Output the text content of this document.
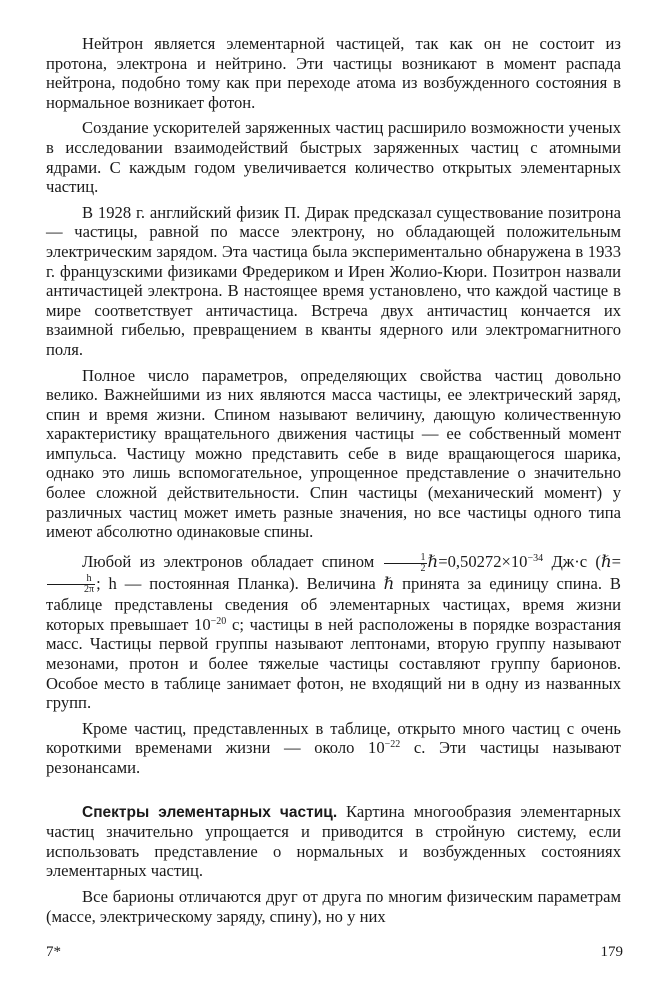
Нейтрон является элементарной частицей, так как он не состоит из протона, электрона и нейтрино. Эти частицы возникают в момент распада нейтрона, подобно тому как при переходе атома из возбужденного состояния в нормальное возникает фотон.

Создание ускорителей заряженных частиц расширило возможности ученых в исследовании взаимодействий быстрых заряженных частиц с атомными ядрами. С каждым годом увеличивается количество открытых элементарных частиц.

В 1928 г. английский физик П. Дирак предсказал существование позитрона — частицы, равной по массе электрону, но обладающей положительным электрическим зарядом. Эта частица была экспериментально обнаружена в 1933 г. французскими физиками Фредериком и Ирен Жолио-Кюри. Позитрон назвали античастицей электрона. В настоящее время установлено, что каждой частице в мире соответствует античастица. Встреча двух античастиц кончается их взаимной гибелью, превращением в кванты ядерного или электромагнитного поля.

Полное число параметров, определяющих свойства частиц довольно велико. Важнейшими из них являются масса частицы, ее электрический заряд, спин и время жизни. Спином называют величину, дающую количественную характеристику вращательного движения частицы — ее собственный момент импульса. Частицу можно представить себе в виде вращающегося шарика, однако это лишь вспомогательное, упрощенное представление о значительно более сложной действительности. Спин частицы (механический момент) у различных частиц может иметь разные значения, но все частицы одного типа имеют абсолютно одинаковые спины.

Любой из электронов обладает спином $\frac{1}{2}$ $\hbar=0,50272\times 10^{-34}$ Дж·с (ℏ=
$\frac{h}{2\pi}$ ; h — постоянная Планка). Величина ℏ принята за единицу спина. В таблице представлены сведения об элементарных частицах, время жизни которых превышает $10^{-20}$ с; частицы в ней расположены в порядке возрастания масс. Частицы первой группы называют лептонами, вторую группу называют мезонами, протон и более тяжелые частицы составляют группу барионов. Особое место в таблице занимает фотон, не входящий ни в одну из названных групп.

Кроме частиц, представленных в таблице, открыто много частиц с очень короткими временами жизни — около $10^{-22}$ с. Эти частицы называют резонансами.

Спектры элементарных частиц. Картина многообразия элементарных частиц значительно упрощается и приводится в стройную систему, если использовать представление о нормальных и возбужденных состояниях элементарных частиц.

Все барионы отличаются друг от друга по многим физическим параметрам (массе, электрическому заряду, спину), но у них

7*	179
